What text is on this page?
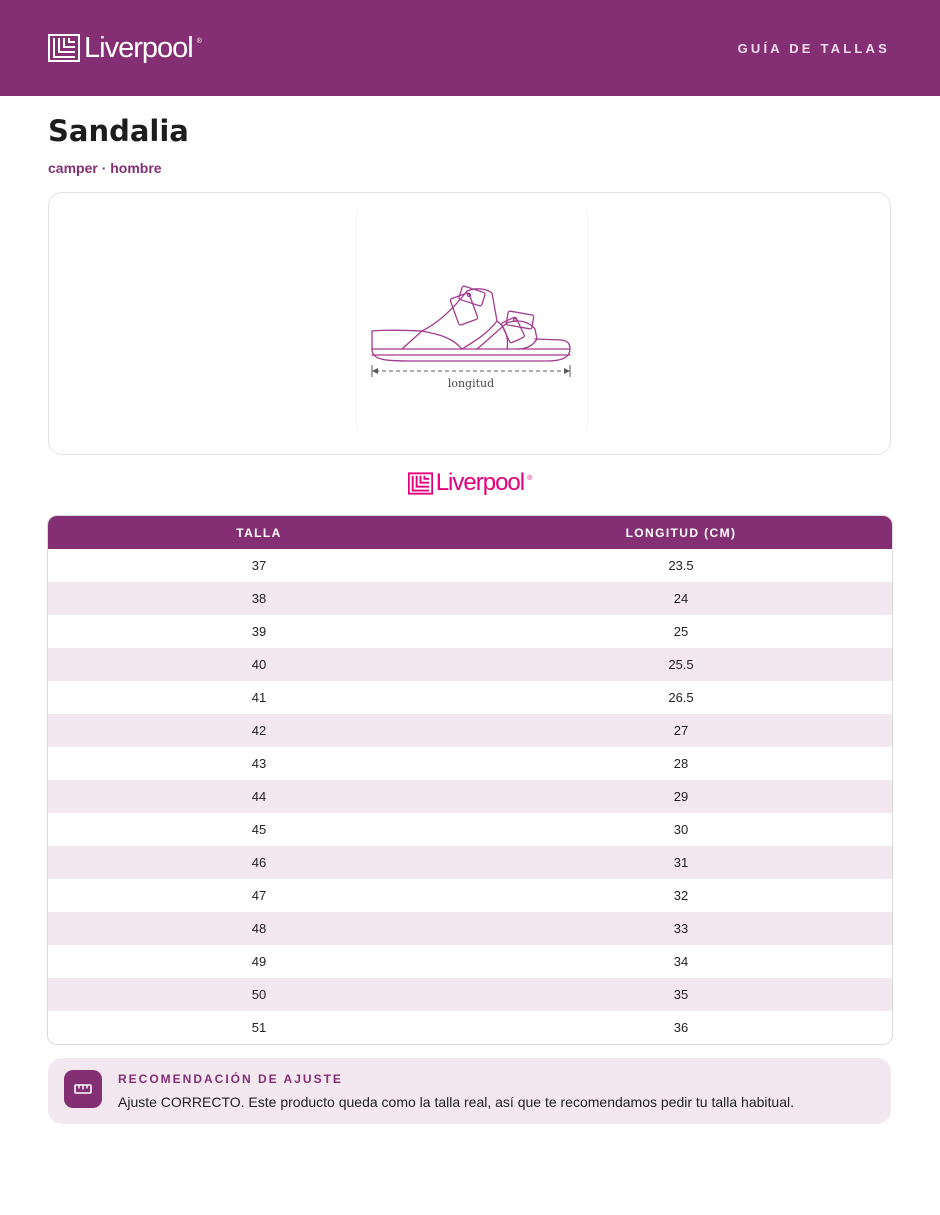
Liverpool ®	GUÍA DE TALLAS
Sandalia
camper · hombre
longitud
Liverpool ®
TALLA	LONGITUD (CM)
37	23.5
38	24
39	25
40	25.5
41	26.5
42	27
43	28
44	29
45	30
46	31
47	32
48	33
49	34
50	35
51	36
RECOMENDACIÓN DE AJUSTE
Ajuste CORRECTO. Este producto queda como la talla real, así que te recomendamos pedir tu talla habitual.
